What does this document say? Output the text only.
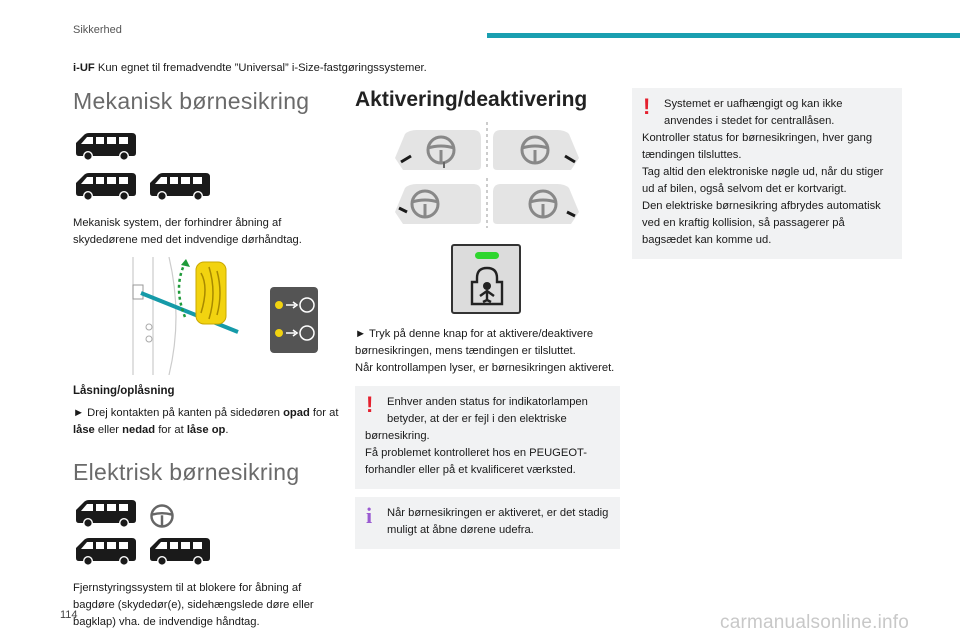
Sikkerhed
i-UF Kun egnet til fremadvendte ”Universal” i-Size-fastgøringssystemer.
Mekanisk børnesikring

Mekanisk system, der forhindrer åbning af skydedørene med det indvendige dørhåndtag.
Låsning/oplåsning
► Drej kontakten på kanten på sidedøren opad for at låse eller nedad for at låse op.
Elektrisk børnesikring

Fjernstyringssystem til at blokere for åbning af bagdøre (skydedør(e), sidehængslede døre eller bagklap) vha. de indvendige håndtag.
Aktivering/deaktivering
► Tryk på denne knap for at aktivere/deaktivere børnesikringen, mens tændingen er tilsluttet.
Når kontrollampen lyser, er børnesikringen aktiveret.
!	Enhver anden status for indikatorlampen betyder, at der er fejl i den elektriske
børnesikring.
Få problemet kontrolleret hos en PEUGEOT-forhandler eller på et kvalificeret værksted.
i	Når børnesikringen er aktiveret, er det stadig muligt at åbne dørene udefra.
!	Systemet er uafhængigt og kan ikke anvendes i stedet for centrallåsen.
Kontroller status for børnesikringen, hver gang tændingen tilsluttes.
Tag altid den elektroniske nøgle ud, når du stiger ud af bilen, også selvom det er kortvarigt.
Den elektriske børnesikring afbrydes automatisk ved en kraftig kollision, så passagerer på bagsædet kan komme ud.
114	carmanualsonline.info
